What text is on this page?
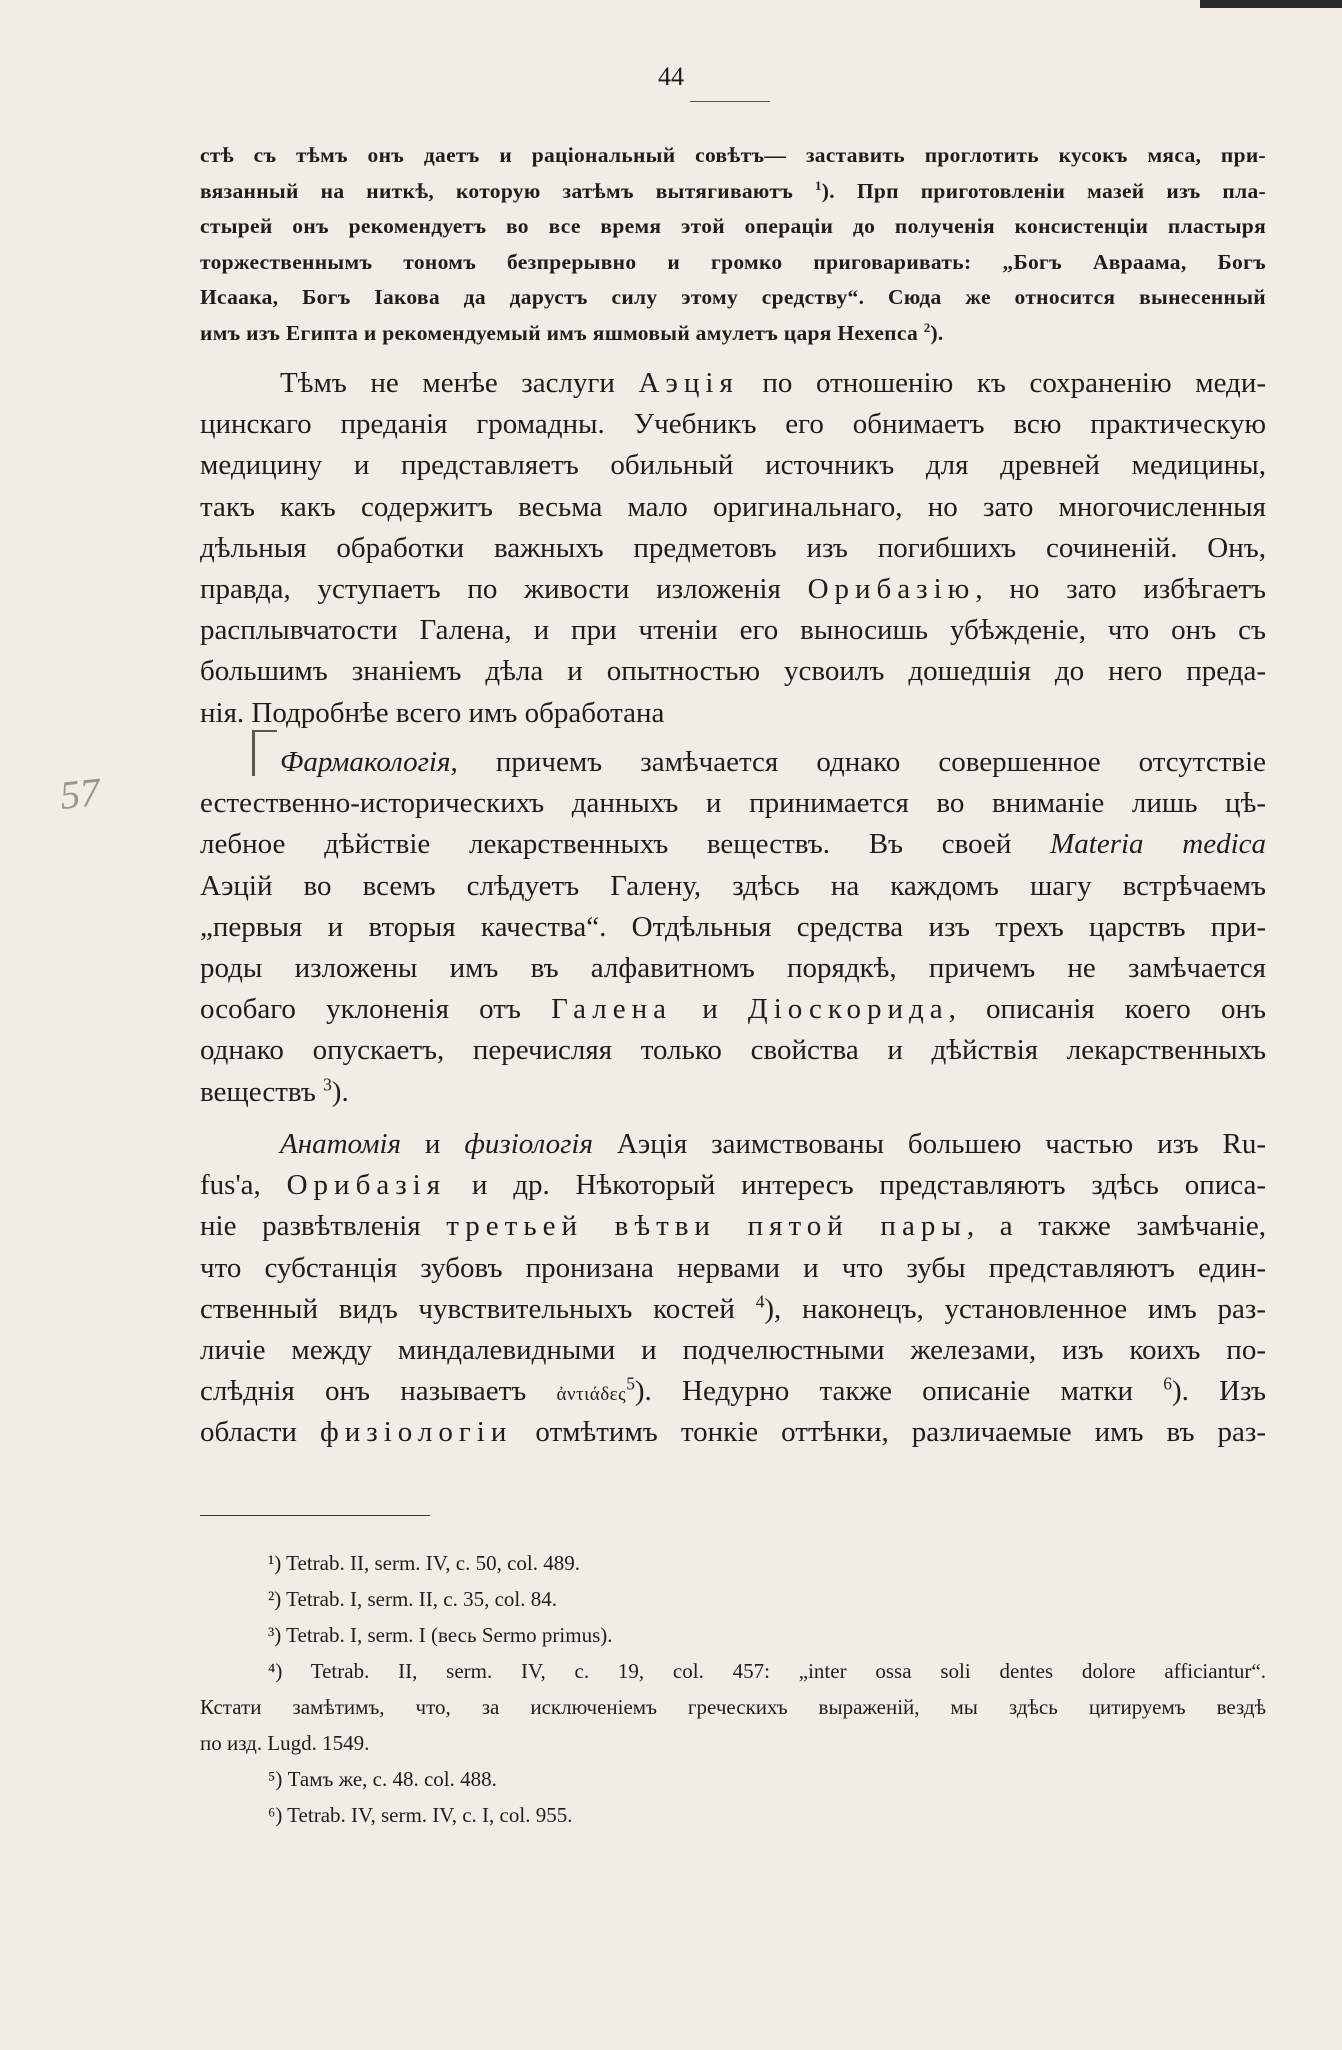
44
стѣ съ тѣмъ онъ даетъ и раціональный совѣтъ— заставить проглотить кусокъ мяса, при-
вязанный на ниткѣ, которую затѣмъ вытягиваютъ $^1$). Прп приготовленіи мазей изъ пла-
стырей онъ рекомендуетъ во все время этой операціи до полученія консистенціи пластыря
торжественнымъ тономъ безпрерывно и громко приговаривать: „Богъ Авраама, Богъ
Исаака, Богъ Іакова да дарустъ силу этому средству“. Сюда же относится вынесенный
имъ изъ Египта и рекомендуемый имъ яшмовый амулетъ царя Нехепса $^2$).
Тѣмъ не менѣе заслуги Аэція по отношенію къ сохраненію меди-
цинскаго преданія громадны. Учебникъ его обнимаетъ всю практическую
медицину и представляетъ обильный источникъ для древней медицины,
такъ какъ содержитъ весьма мало оригинальнаго, но зато многочисленныя
дѣльныя обработки важныхъ предметовъ изъ погибшихъ сочиненій. Онъ,
правда, уступаетъ по живости изложенія Орибазію, но зато избѣгаетъ
расплывчатости Галена, и при чтеніи его выносишь убѣжденіе, что онъ съ
большимъ знаніемъ дѣла и опытностью усвоилъ дошедшія до него преда-
нія. Подробнѣе всего имъ обработана
57
Фармакологія, причемъ замѣчается однако совершенное отсутствіе
естественно-историческихъ данныхъ и принимается во вниманіе лишь цѣ-
лебное дѣйствіе лекарственныхъ веществъ. Въ своей Materia medica
Аэцій во всемъ слѣдуетъ Галену, здѣсь на каждомъ шагу встрѣчаемъ
„первыя и вторыя качества“. Отдѣльныя средства изъ трехъ царствъ при-
роды изложены имъ въ алфавитномъ порядкѣ, причемъ не замѣчается
особаго уклоненія отъ Галена и Діоскорида, описанія коего онъ
однако опускаетъ, перечисляя только свойства и дѣйствія лекарственныхъ
веществъ $^3$).
Анатомія и физіологія Аэція заимствованы большею частью изъ Ru-
fus'а, Орибазія и др. Нѣкоторый интересъ представляютъ здѣсь описа-
ніе развѣтвленія третьей вѣтви пятой пары, а также замѣчаніе,
что субстанція зубовъ пронизана нервами и что зубы представляютъ един-
ственный видъ чувствительныхъ костей $^4$), наконецъ, установленное имъ раз-
личіе между миндалевидными и подчелюстными железами, изъ коихъ по-
слѣднія онъ называетъ ἀντιάδες$^5$). Недурно также описаніе матки $^6$). Изъ
области физіологіи отмѣтимъ тонкіе оттѣнки, различаемые имъ въ раз-
¹) Tetrab. II, serm. IV, c. 50, col. 489.
²) Tetrab. I, serm. II, c. 35, col. 84.
³) Tetrab. I, serm. I (весь Sermo primus).
⁴) Tetrab. II, serm. IV, c. 19, col. 457: „inter ossa soli dentes dolore afficiantur“.
Кстати замѣтимъ, что, за исключеніемъ греческихъ выраженій, мы здѣсь цитируемъ вездѣ
по изд. Lugd. 1549.
⁵) Тамъ же, c. 48. col. 488.
⁶) Tetrab. IV, serm. IV, c. I, col. 955.
